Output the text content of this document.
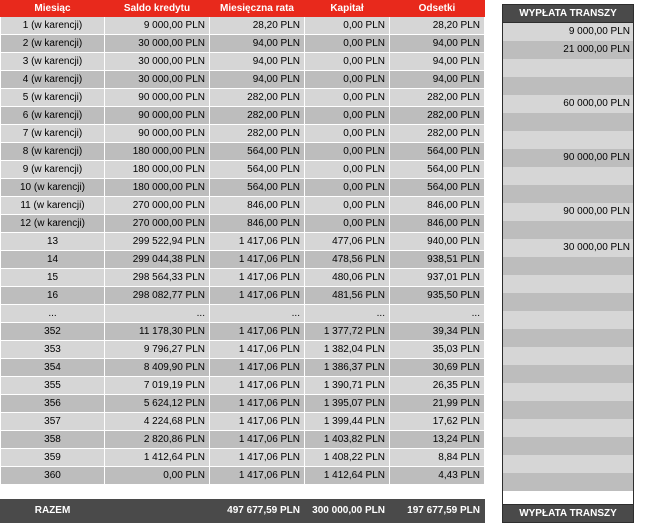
Miesiąc	Saldo kredytu	Miesięczna rata	Kapitał	Odsetki
1 (w karencji)	9 000,00 PLN	28,20 PLN	0,00 PLN	28,20 PLN
2 (w karencji)	30 000,00 PLN	94,00 PLN	0,00 PLN	94,00 PLN
3 (w karencji)	30 000,00 PLN	94,00 PLN	0,00 PLN	94,00 PLN
4 (w karencji)	30 000,00 PLN	94,00 PLN	0,00 PLN	94,00 PLN
5 (w karencji)	90 000,00 PLN	282,00 PLN	0,00 PLN	282,00 PLN
6 (w karencji)	90 000,00 PLN	282,00 PLN	0,00 PLN	282,00 PLN
7 (w karencji)	90 000,00 PLN	282,00 PLN	0,00 PLN	282,00 PLN
8 (w karencji)	180 000,00 PLN	564,00 PLN	0,00 PLN	564,00 PLN
9 (w karencji)	180 000,00 PLN	564,00 PLN	0,00 PLN	564,00 PLN
10 (w karencji)	180 000,00 PLN	564,00 PLN	0,00 PLN	564,00 PLN
11 (w karencji)	270 000,00 PLN	846,00 PLN	0,00 PLN	846,00 PLN
12 (w karencji)	270 000,00 PLN	846,00 PLN	0,00 PLN	846,00 PLN
13	299 522,94 PLN	1 417,06 PLN	477,06 PLN	940,00 PLN
14	299 044,38 PLN	1 417,06 PLN	478,56 PLN	938,51 PLN
15	298 564,33 PLN	1 417,06 PLN	480,06 PLN	937,01 PLN
16	298 082,77 PLN	1 417,06 PLN	481,56 PLN	935,50 PLN
...	...	...	...	...
352	11 178,30 PLN	1 417,06 PLN	1 377,72 PLN	39,34 PLN
353	9 796,27 PLN	1 417,06 PLN	1 382,04 PLN	35,03 PLN
354	8 409,90 PLN	1 417,06 PLN	1 386,37 PLN	30,69 PLN
355	7 019,19 PLN	1 417,06 PLN	1 390,71 PLN	26,35 PLN
356	5 624,12 PLN	1 417,06 PLN	1 395,07 PLN	21,99 PLN
357	4 224,68 PLN	1 417,06 PLN	1 399,44 PLN	17,62 PLN
358	2 820,86 PLN	1 417,06 PLN	1 403,82 PLN	13,24 PLN
359	1 412,64 PLN	1 417,06 PLN	1 408,22 PLN	8,84 PLN
360	0,00 PLN	1 417,06 PLN	1 412,64 PLN	4,43 PLN

RAZEM		497 677,59 PLN	300 000,00 PLN	197 677,59 PLN
WYPŁATA TRANSZY
9 000,00 PLN
21 000,00 PLN

60 000,00 PLN

90 000,00 PLN

90 000,00 PLN

30 000,00 PLN

WYPŁATA TRANSZY
